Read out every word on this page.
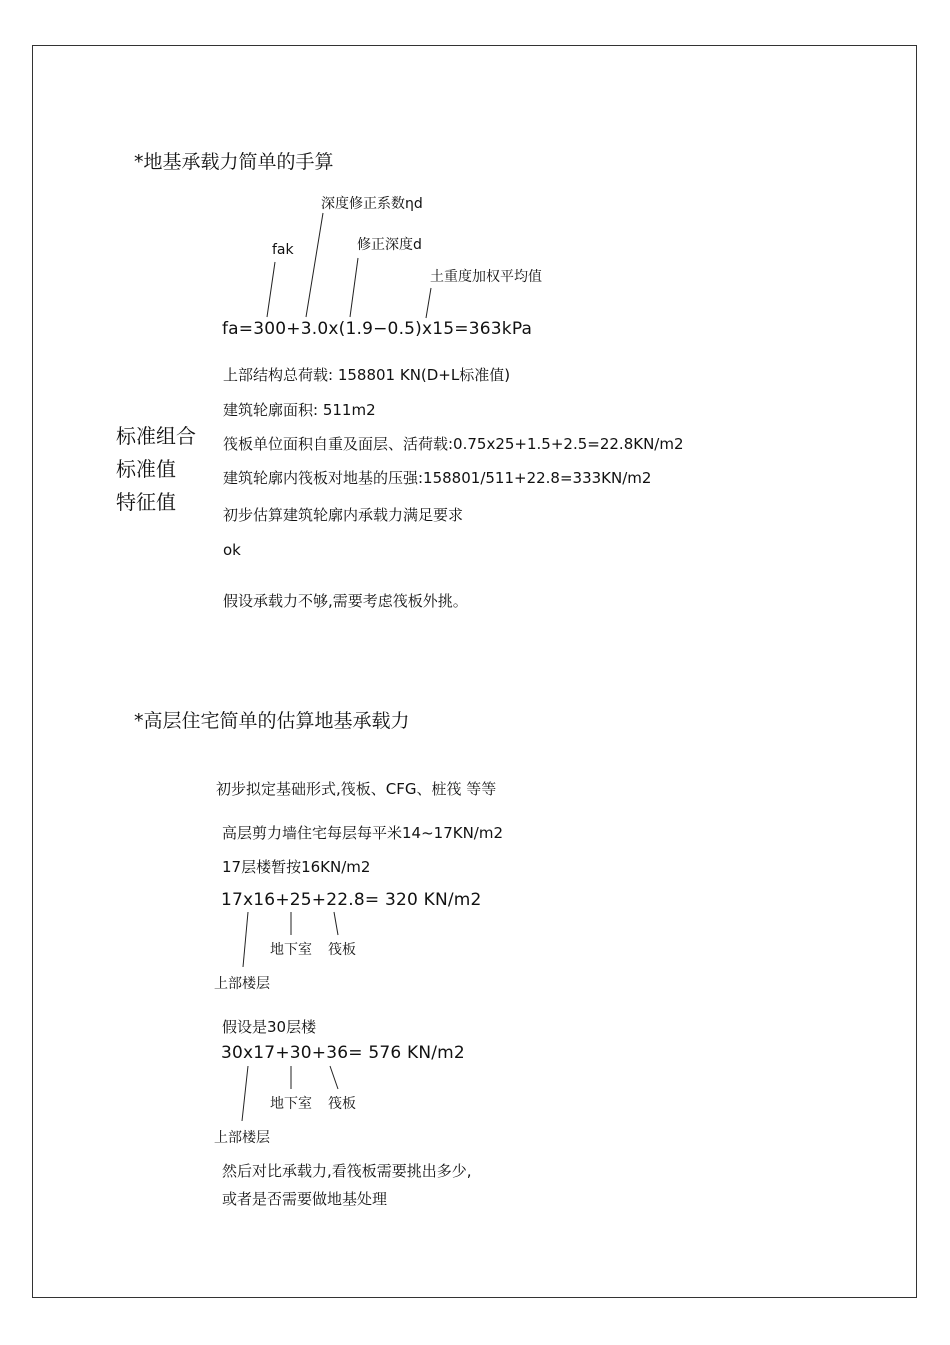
*地基承载力简单的手算
深度修正系数ηd
fak	修正深度d
土重度加权平均值
fa=300+3.0x(1.9−0.5)x15=363kPa
上部结构总荷载: 158801 KN(D+L标准值)
建筑轮廓面积: 511m2
筏板单位面积自重及面层、活荷载:0.75x25+1.5+2.5=22.8KN/m2
建筑轮廓内筏板对地基的压强:158801/511+22.8=333KN/m2
初步估算建筑轮廓内承载力满足要求
ok
假设承载力不够,需要考虑筏板外挑。
标准组合
标准值
特征值
*高层住宅简单的估算地基承载力
初步拟定基础形式,筏板、CFG、桩筏 等等
高层剪力墙住宅每层每平米14~17KN/m2
17层楼暂按16KN/m2
17x16+25+22.8= 320 KN/m2
地下室 筏板
上部楼层
假设是30层楼
30x17+30+36= 576 KN/m2
地下室 筏板
上部楼层
然后对比承载力,看筏板需要挑出多少,
或者是否需要做地基处理
